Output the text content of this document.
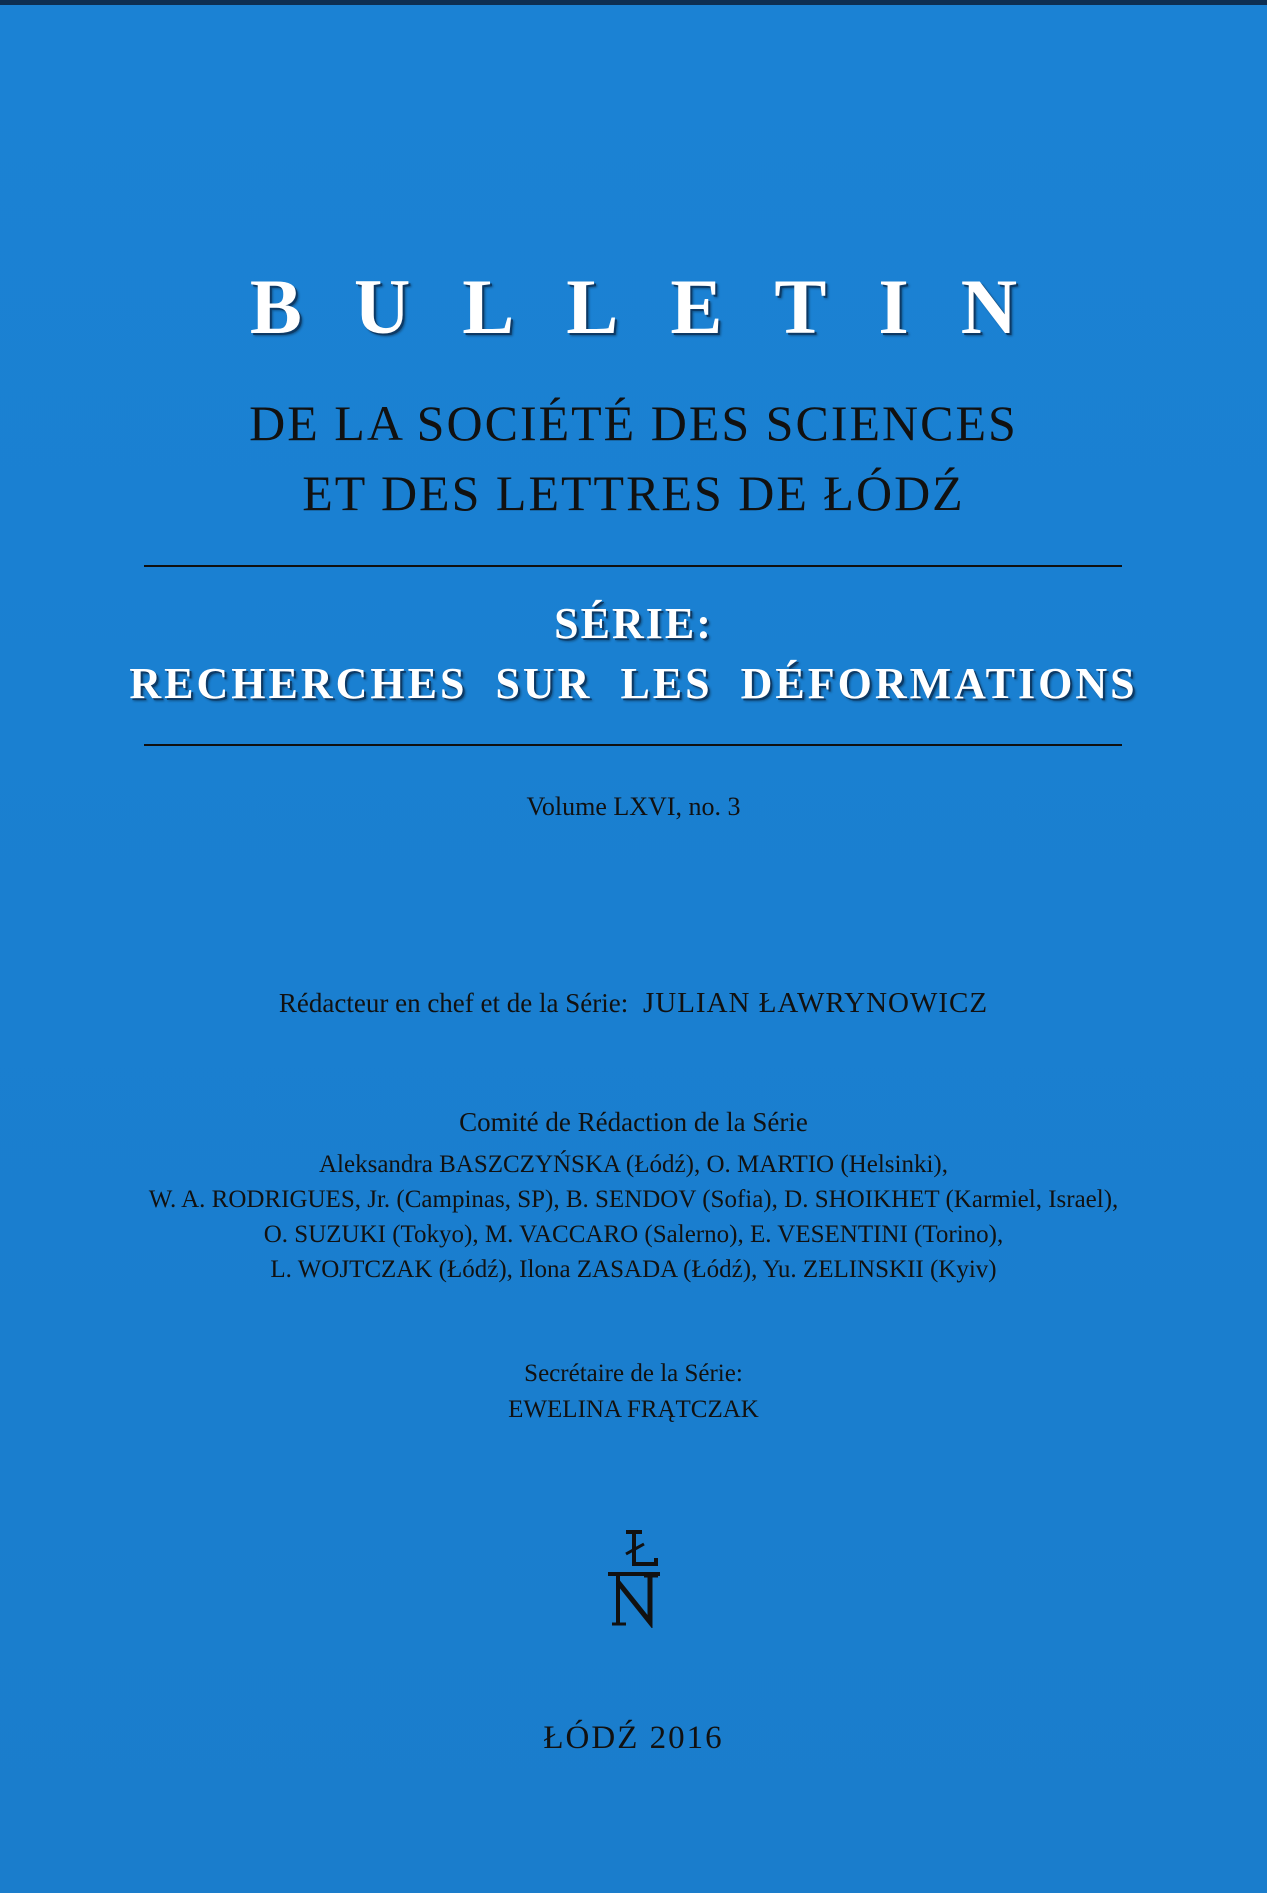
BULLETIN
DE LA SOCIÉTÉ DES SCIENCES
ET DES LETTRES DE ŁÓDŹ
SÉRIE:
RECHERCHES SUR LES DÉFORMATIONS
Volume LXVI, no. 3
Rédacteur en chef et de la Série: JULIAN ŁAWRYNOWICZ
Comité de Rédaction de la Série
Aleksandra BASZCZYŃSKA (Łódź), O. MARTIO (Helsinki),
W. A. RODRIGUES, Jr. (Campinas, SP), B. SENDOV (Sofia), D. SHOIKHET (Karmiel, Israel),
O. SUZUKI (Tokyo), M. VACCARO (Salerno), E. VESENTINI (Torino),
L. WOJTCZAK (Łódź), Ilona ZASADA (Łódź), Yu. ZELINSKII (Kyiv)
Secrétaire de la Série:
EWELINA FRĄTCZAK
ŁÓDŹ 2016
